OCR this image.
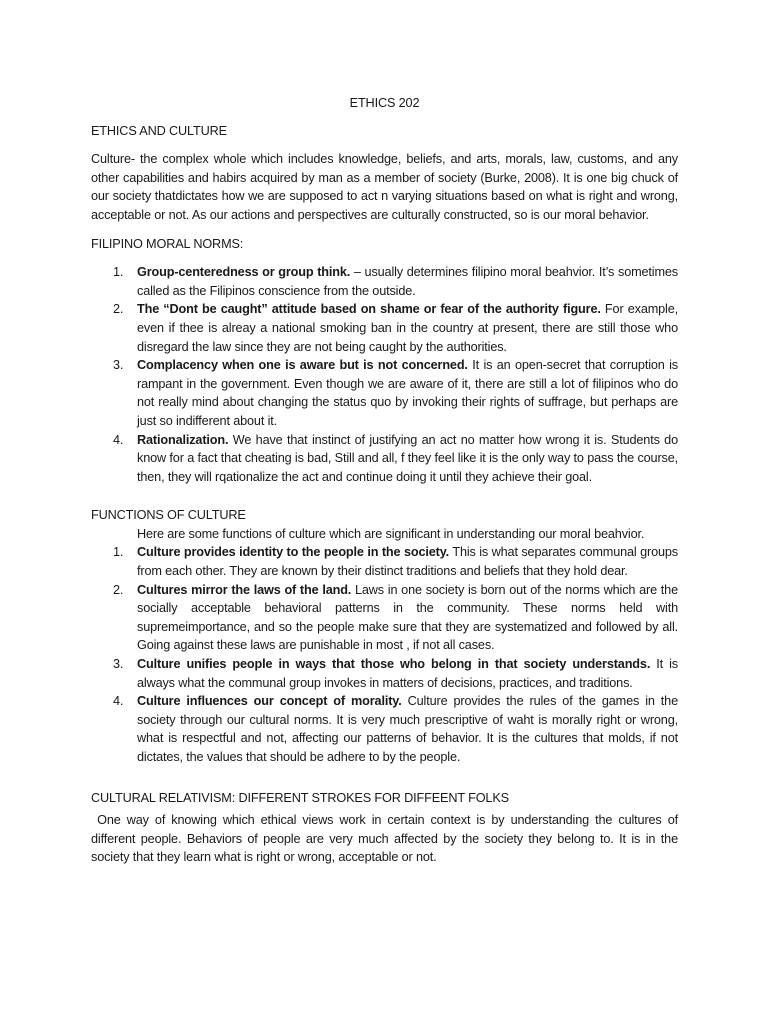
ETHICS 202
ETHICS AND CULTURE

Culture- the complex whole which includes knowledge, beliefs, and arts, morals, law, customs, and any other capabilities and habirs acquired by man as a member of society (Burke, 2008). It is one big chuck of our society thatdictates how we are supposed to act n varying situations based on what is right and wrong, acceptable or not. As our actions and perspectives are culturally constructed, so is our moral behavior.

FILIPINO MORAL NORMS:
1. Group-centeredness or group think. – usually determines filipino moral beahvior. It’s sometimes called as the Filipinos conscience from the outside.
2. The “Dont be caught” attitude based on shame or fear of the authority figure. For example, even if thee is alreay a national smoking ban in the country at present, there are still those who disregard the law since they are not being caught by the authorities.
3. Complacency when one is aware but is not concerned. It is an open-secret that corruption is rampant in the government. Even though we are aware of it, there are still a lot of filipinos who do not really mind about changing the status quo by invoking their rights of suffrage, but perhaps are just so indifferent about it.
4. Rationalization. We have that instinct of justifying an act no matter how wrong it is. Students do know for a fact that cheating is bad, Still and all, f they feel like it is the only way to pass the course, then, they will rqationalize the act and continue doing it until they achieve their goal.
FUNCTIONS OF CULTURE
Here are some functions of culture which are significant in understanding our moral beahvior.
1. Culture provides identity to the people in the society. This is what separates communal groups from each other. They are known by their distinct traditions and beliefs that they hold dear.
2. Cultures mirror the laws of the land. Laws in one society is born out of the norms which are the socially acceptable behavioral patterns in the community. These norms held with supremeimportance, and so the people make sure that they are systematized and followed by all. Going against these laws are punishable in most , if not all cases.
3. Culture unifies people in ways that those who belong in that society understands. It is always what the communal group invokes in matters of decisions, practices, and traditions.
4. Culture influences our concept of morality. Culture provides the rules of the games in the society through our cultural norms. It is very much prescriptive of waht is morally right or wrong, what is respectful and not, affecting our patterns of behavior. It is the cultures that molds, if not dictates, the values that should be adhere to by the people.
CULTURAL RELATIVISM: DIFFERENT STROKES FOR DIFFEENT FOLKS

One way of knowing which ethical views work in certain context is by understanding the cultures of different people. Behaviors of people are very much affected by the society they belong to. It is in the society that they learn what is right or wrong, acceptable or not.
